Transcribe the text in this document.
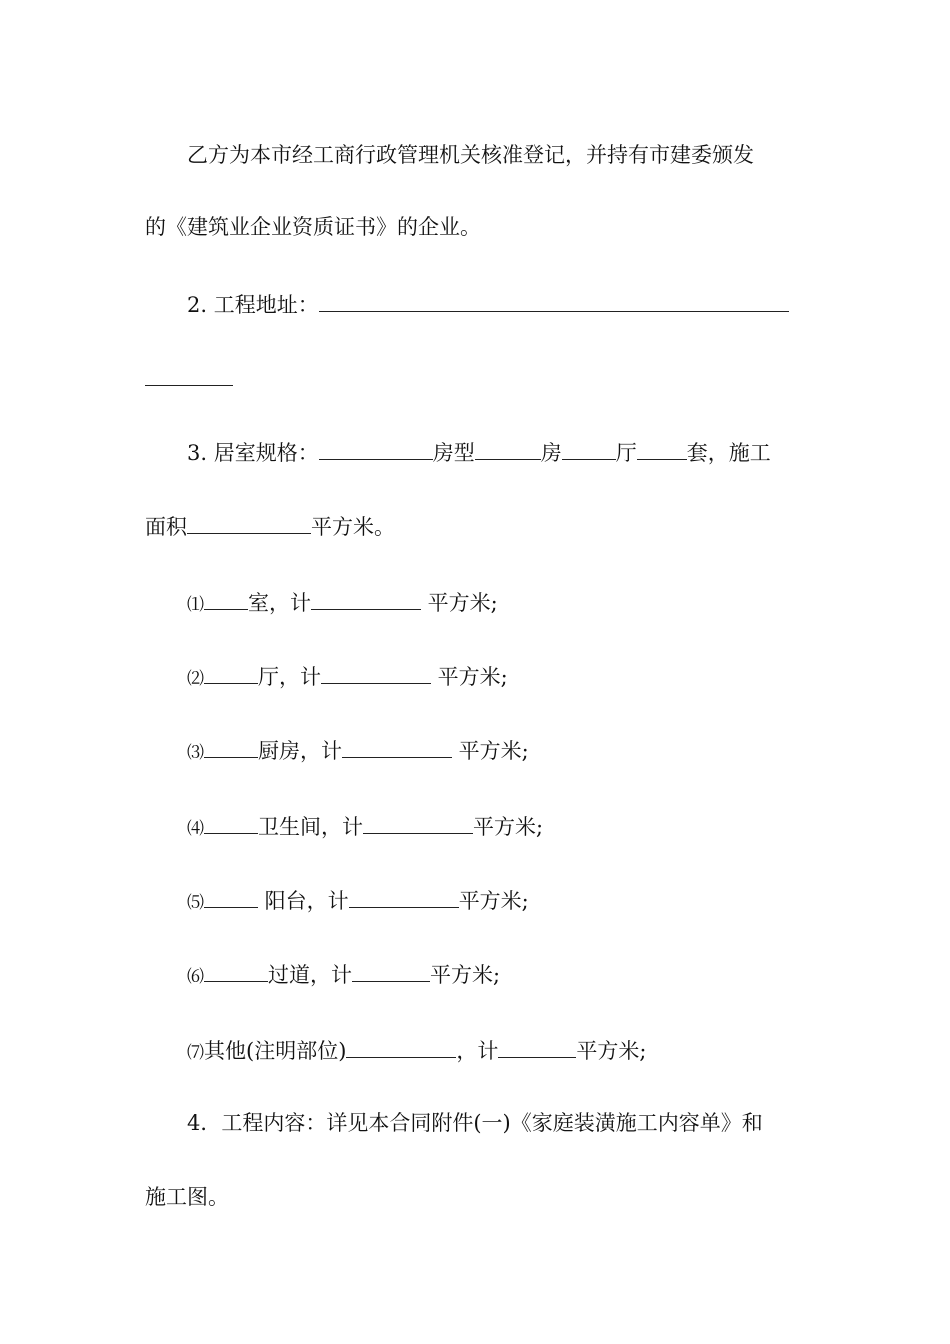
乙方为本市经工商行政管理机关核准登记，并持有市建委颁发
的《建筑业企业资质证书》的企业。
2. 工程地址：
3. 居室规格：	房型	房	厅 套，施工
面积	平方米。
⑴ 室，计	平方米;
⑵	厅，计	平方米;
⑶	厨房，计	平方米;
⑷	卫生间，计	平方米;
⑸	阳台，计	平方米;
⑹	过道，计	平方米;
⑺其他(注明部位)	，计	平方米;
4．工程内容：详见本合同附件(一)《家庭装潢施工内容单》和
施工图。
